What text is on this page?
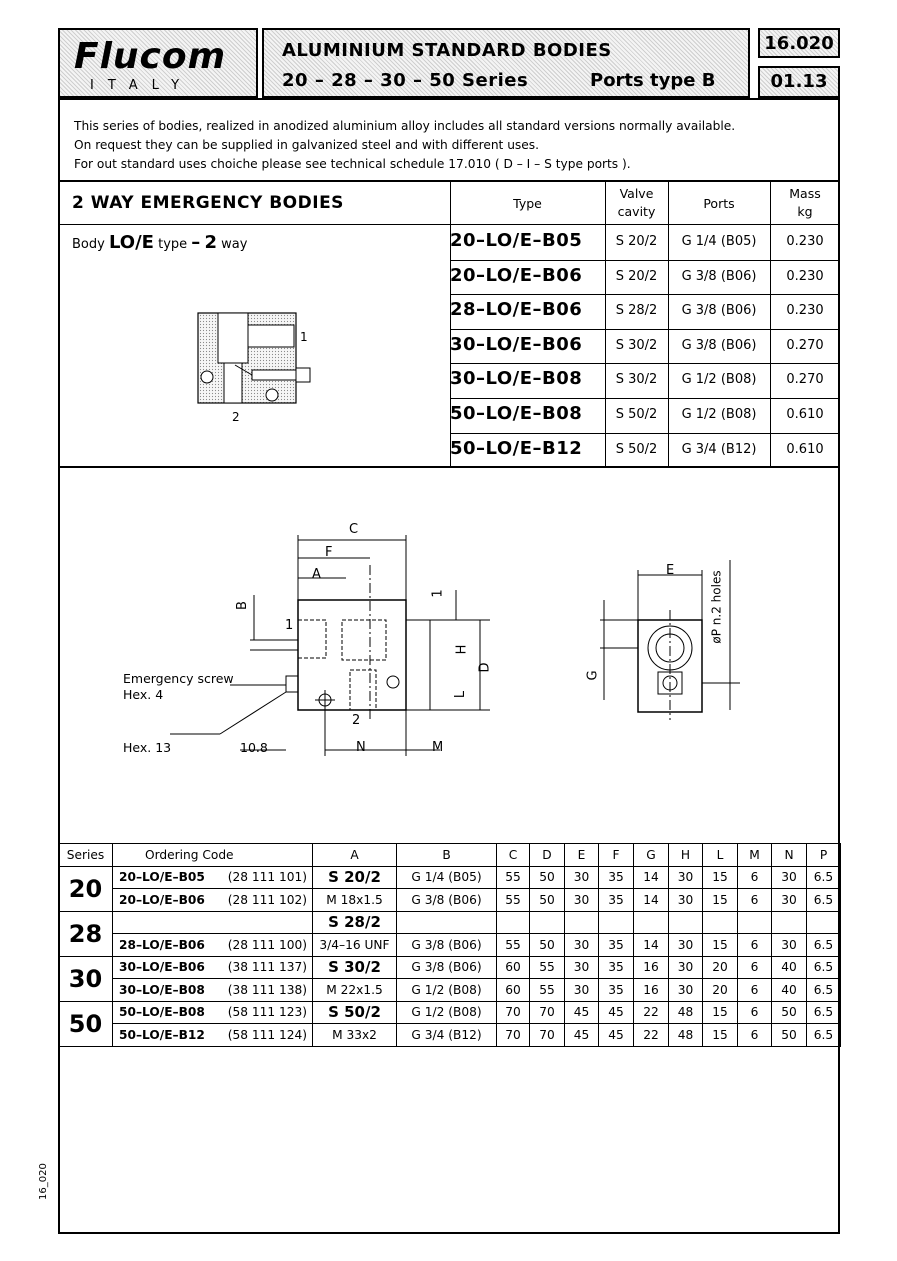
Flucom
ITALY
ALUMINIUM STANDARD BODIES
20 – 28 – 30 – 50 Series	Ports type B
16.020
01.13
This series of bodies, realized in anodized aluminium alloy includes all standard versions normally available.
On request they can be supplied in galvanized steel and with different uses.
For out standard uses choiche please see technical schedule 17.010 ( D – I – S type ports ).
2 WAY EMERGENCY BODIES	Type
Valve
cavity
Ports
Mass
kg
Body LO/E type – 2 way	20–LO/E–B05	S 20/2	G 1/4 (B05)	0.230
20–LO/E–B06	S 20/2	G 3/8 (B06)	0.230
28–LO/E–B06	S 28/2	G 3/8 (B06)	0.230
30–LO/E–B06	S 30/2	G 3/8 (B06)	0.270
30–LO/E–B08	S 30/2	G 1/2 (B08)	0.270
50–LO/E–B08	S 50/2	G 1/2 (B08)	0.610
50–LO/E–B12	S 50/2	G 3/4 (B12)	0.610
1
2
C
F
A
B
1
1
H
D
L
2
Emergency screw
Hex. 4
Hex. 13	10.8	N	M
E
G
øP n.2 holes
Series	Ordering Code	A	B	C	D	E	F	G	H	L	M	N	P
20	20–LO/E–B05 (28 111 101)	S 20/2	G 1/4 (B05)	55	50	30	35	14	30	15	6	30	6.5
	20–LO/E–B06 (28 111 102)	M 18x1.5	G 3/8 (B06)	55	50	30	35	14	30	15	6	30	6.5
28		S 28/2											
	28–LO/E–B06 (28 111 100)	3/4–16 UNF	G 3/8 (B06)	55	50	30	35	14	30	15	6	30	6.5
30	30–LO/E–B06 (38 111 137)	S 30/2	G 3/8 (B06)	60	55	30	35	16	30	20	6	40	6.5
	30–LO/E–B08 (38 111 138)	M 22x1.5	G 1/2 (B08)	60	55	30	35	16	30	20	6	40	6.5
50	50–LO/E–B08 (58 111 123)	S 50/2	G 1/2 (B08)	70	70	45	45	22	48	15	6	50	6.5
	50–LO/E–B12 (58 111 124)	M 33x2	G 3/4 (B12)	70	70	45	45	22	48	15	6	50	6.5
16_020
